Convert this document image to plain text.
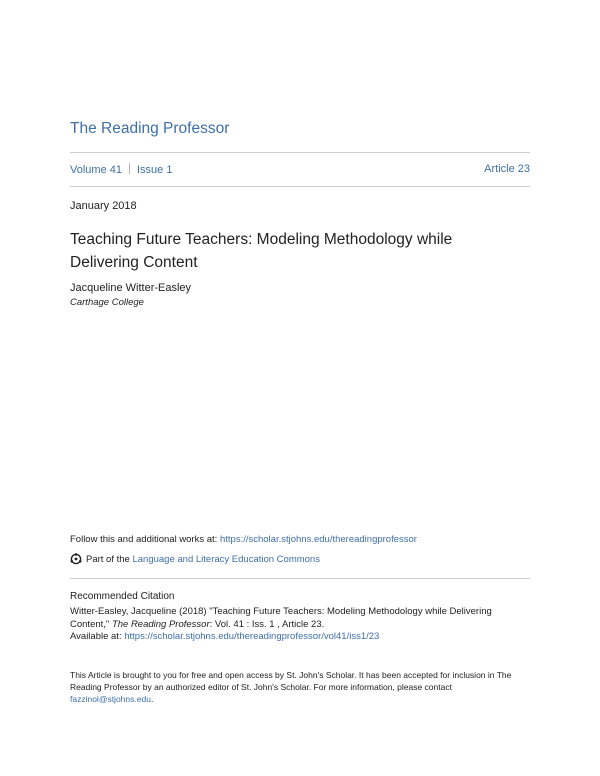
The Reading Professor
Volume 41 Issue 1	Article 23
January 2018
Teaching Future Teachers: Modeling Methodology while
Delivering Content
Jacqueline Witter-Easley
Carthage College
Follow this and additional works at: https://scholar.stjohns.edu/thereadingprofessor
Part of the
Language and Literacy Education Commons
Recommended Citation
Witter-Easley, Jacqueline (2018) "Teaching Future Teachers: Modeling Methodology while Delivering
Content," The Reading Professor: Vol. 41 : Iss. 1 , Article 23.
Available at: https://scholar.stjohns.edu/thereadingprofessor/vol41/iss1/23
This Article is brought to you for free and open access by St. John's Scholar. It has been accepted for inclusion in The
Reading Professor by an authorized editor of St. John's Scholar. For more information, please contact
fazzinol@stjohns.edu.
